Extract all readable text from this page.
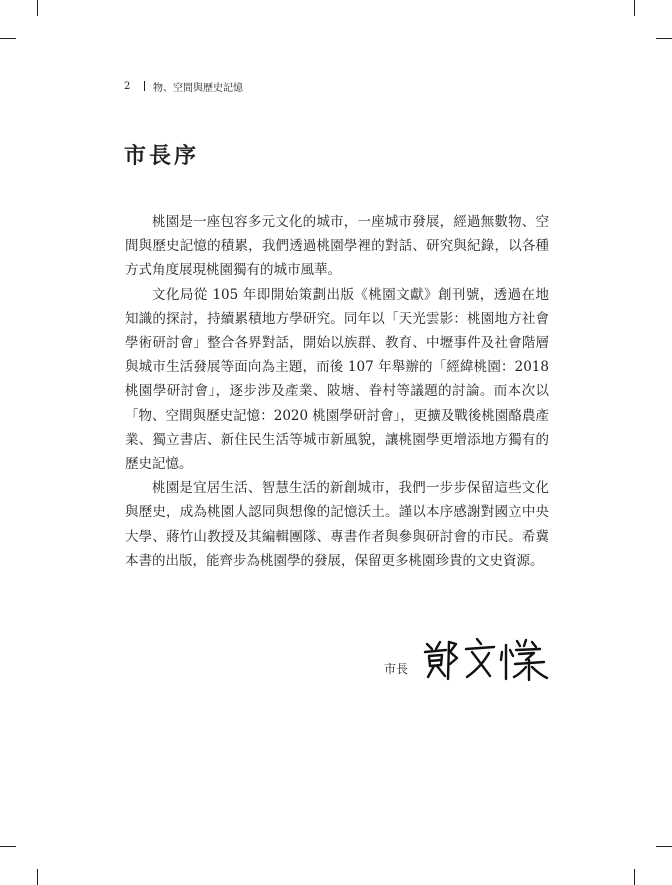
2	物、空間與歷史記憶
市長序

桃園是一座包容多元文化的城市，一座城市發展，經過無數物、空間與歷史記憶的積累，我們透過桃園學裡的對話、研究與紀錄，以各種方式角度展現桃園獨有的城市風華。

文化局從 105 年即開始策劃出版《桃園文獻》創刊號，透過在地知識的探討，持續累積地方學研究。同年以「天光雲影：桃園地方社會學術研討會」整合各界對話，開始以族群、教育、中壢事件及社會階層與城市生活發展等面向為主題，而後 107 年舉辦的「經緯桃園：2018 桃園學研討會」，逐步涉及產業、陂塘、眷村等議題的討論。而本次以「物、空間與歷史記憶：2020 桃園學研討會」，更擴及戰後桃園酪農產業、獨立書店、新住民生活等城市新風貌，讓桃園學更增添地方獨有的歷史記憶。

桃園是宜居生活、智慧生活的新創城市，我們一步步保留這些文化與歷史，成為桃園人認同與想像的記憶沃土。謹以本序感謝對國立中央大學、蔣竹山教授及其編輯團隊、專書作者與參與研討會的市民。希冀本書的出版，能齊步為桃園學的發展，保留更多桃園珍貴的文史資源。

市長
